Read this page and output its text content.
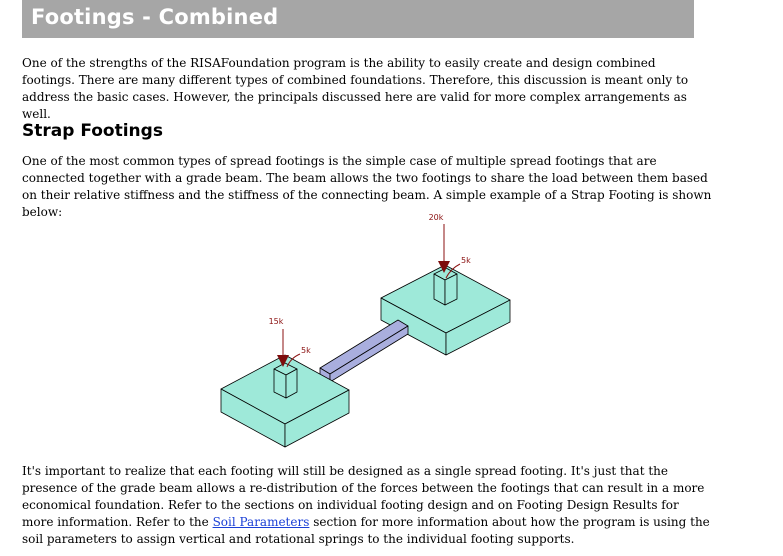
Footings - Combined

One of the strengths of the RISAFoundation program is the ability to easily create and design combined footings. There are many different types of combined foundations. Therefore, this discussion is meant only to address the basic cases. However, the principals discussed here are valid for more complex arrangements as well.

Strap Footings

One of the most common types of spread footings is the simple case of multiple spread footings that are connected together with a grade beam. The beam allows the two footings to share the load between them based on their relative stiffness and the stiffness of the connecting beam. A simple example of a Strap Footing is shown below:	20k
5k
15k
5k

It's important to realize that each footing will still be designed as a single spread footing. It's just that the presence of the grade beam allows a re-distribution of the forces between the footings that can result in a more economical foundation. Refer to the sections on individual footing design and on Footing Design Results for more information. Refer to the Soil Parameters section for more information about how the program is using the soil parameters to assign vertical and rotational springs to the individual footing supports.
